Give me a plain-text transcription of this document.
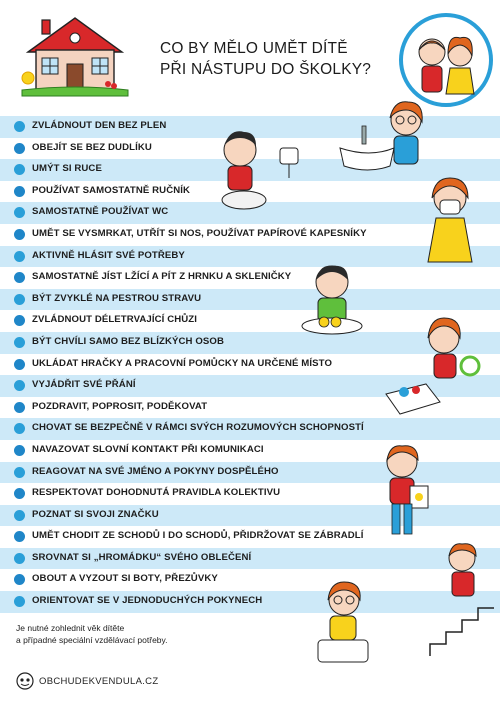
CO BY MĚLO UMĚT DÍTĚ
PŘI NÁSTUPU DO ŠKOLKY?
ZVLÁDNOUT DEN BEZ PLEN
OBEJÍT SE BEZ DUDLÍKU
UMÝT SI RUCE
POUŽÍVAT SAMOSTATNĚ RUČNÍK
SAMOSTATNĚ POUŽÍVAT WC
UMĚT SE VYSMRKAT, UTŘÍT SI NOS, POUŽÍVAT PAPÍROVÉ KAPESNÍKY
AKTIVNĚ HLÁSIT SVÉ POTŘEBY
SAMOSTATNĚ JÍST LŽÍCÍ A PÍT Z HRNKU A SKLENIČKY
BÝT ZVYKLÉ NA PESTROU STRAVU
ZVLÁDNOUT DÉLETRVAJÍCÍ CHŮZI
BÝT CHVÍLI SAMO BEZ BLÍZKÝCH OSOB
UKLÁDAT HRAČKY A PRACOVNÍ POMŮCKY NA URČENÉ MÍSTO
VYJÁDŘIT SVÉ PŘÁNÍ
POZDRAVIT, POPROSIT, PODĚKOVAT
CHOVAT SE BEZPEČNĚ V RÁMCI SVÝCH ROZUMOVÝCH SCHOPNOSTÍ
NAVAZOVAT SLOVNÍ KONTAKT PŘI KOMUNIKACI
REAGOVAT NA SVÉ JMÉNO A POKYNY DOSPĚLÉHO
RESPEKTOVAT DOHODNUTÁ PRAVIDLA KOLEKTIVU
POZNAT SI SVOJI ZNAČKU
UMĚT CHODIT ZE SCHODŮ I DO SCHODŮ, PŘIDRŽOVAT SE ZÁBRADLÍ
SROVNAT SI „HROMÁDKU“ SVÉHO OBLEČENÍ
OBOUT A VYZOUT SI BOTY, PŘEZŮVKY
ORIENTOVAT SE V JEDNODUCHÝCH POKYNECH
Je nutné zohlednit věk dítěte
a případné speciální vzdělávací potřeby.
OBCHUDEKVENDULA.CZ
